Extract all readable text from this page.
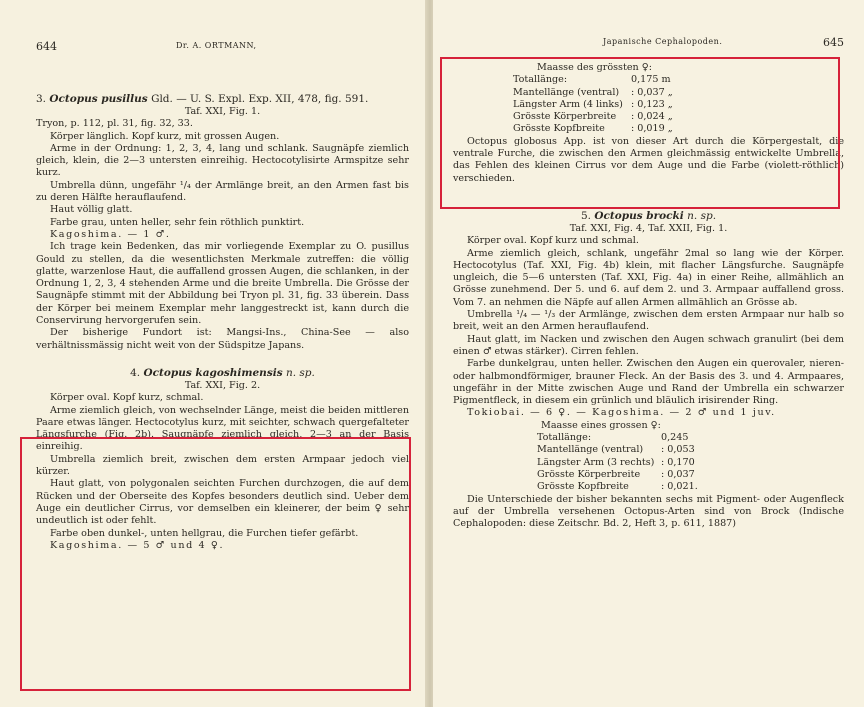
644	Dr. A. ORTMANN,

3. Octopus pusillus Gld. — U. S. Expl. Exp. XII, 478, fig. 591.

Taf. XXI, Fig. 1.

Tryon, p. 112, pl. 31, fig. 32, 33.

Körper länglich. Kopf kurz, mit grossen Augen.

Arme in der Ordnung: 1, 2, 3, 4, lang und schlank. Saugnäpfe ziemlich gleich, klein, die 2—3 untersten einreihig. Hectocotylisirte Armspitze sehr kurz.

Umbrella dünn, ungefähr ¹/₄ der Armlänge breit, an den Armen fast bis zu deren Hälfte herauflaufend.

Haut völlig glatt.

Farbe grau, unten heller, sehr fein röthlich punktirt.

Kagoshima. — 1 ♂.

Ich trage kein Bedenken, das mir vorliegende Exemplar zu O. pusillus Gould zu stellen, da die wesentlichsten Merkmale zutreffen: die völlig glatte, warzenlose Haut, die auffallend grossen Augen, die schlanken, in der Ordnung 1, 2, 3, 4 stehenden Arme und die breite Umbrella. Die Grösse der Saugnäpfe stimmt mit der Abbildung bei Tryon pl. 31, fig. 33 überein. Dass der Körper bei meinem Exemplar mehr langgestreckt ist, kann durch die Conservirung hervorgerufen sein.

Der bisherige Fundort ist: Mangsi-Ins., China-See — also verhältnissmässig nicht weit von der Südspitze Japans.

4. Octopus kagoshimensis n. sp.

Taf. XXI, Fig. 2.

Körper oval. Kopf kurz, schmal.

Arme ziemlich gleich, von wechselnder Länge, meist die beiden mittleren Paare etwas länger. Hectocotylus kurz, mit seichter, schwach quergefalteter Längsfurche (Fig. 2b). Saugnäpfe ziemlich gleich, 2—3 an der Basis einreihig.

Umbrella ziemlich breit, zwischen dem ersten Armpaar jedoch viel kürzer.

Haut glatt, von polygonalen seichten Furchen durchzogen, die auf dem Rücken und der Oberseite des Kopfes besonders deutlich sind. Ueber dem Auge ein deutlicher Cirrus, vor demselben ein kleinerer, der beim ♀ sehr undeutlich ist oder fehlt.

Farbe oben dunkel-, unten hellgrau, die Furchen tiefer gefärbt.

Kagoshima. — 5 ♂ und 4 ♀.

Japanische Cephalopoden.	645

Maasse des grössten ♀:

Totallänge:	0,175 m
Mantellänge (ventral)	: 0,037 „
Längster Arm (4 links) : 0,123 „
Grösste Körperbreite	: 0,024 „
Grösste Kopfbreite	: 0,019 „

Octopus globosus App. ist von dieser Art durch die Körpergestalt, die ventrale Furche, die zwischen den Armen gleichmässig entwickelte Umbrella, das Fehlen des kleinen Cirrus vor dem Auge und die Farbe (violett-röthlich) verschieden.

5. Octopus brocki n. sp.

Taf. XXI, Fig. 4, Taf. XXII, Fig. 1.

Körper oval. Kopf kurz und schmal.

Arme ziemlich gleich, schlank, ungefähr 2mal so lang wie der Körper. Hectocotylus (Taf. XXI, Fig. 4b) klein, mit flacher Längsfurche. Saugnäpfe ungleich, die 5—6 untersten (Taf. XXI, Fig. 4a) in einer Reihe, allmählich an Grösse zunehmend. Der 5. und 6. auf dem 2. und 3. Armpaar auffallend gross. Vom 7. an nehmen die Näpfe auf allen Armen allmählich an Grösse ab.

Umbrella ¹/₄ — ¹/₃ der Armlänge, zwischen dem ersten Armpaar nur halb so breit, weit an den Armen herauflaufend.

Haut glatt, im Nacken und zwischen den Augen schwach granulirt (bei dem einen ♂ etwas stärker). Cirren fehlen.

Farbe dunkelgrau, unten heller. Zwischen den Augen ein querovaler, nieren- oder halbmondförmiger, brauner Fleck. An der Basis des 3. und 4. Armpaares, ungefähr in der Mitte zwischen Auge und Rand der Umbrella ein schwarzer Pigmentfleck, in diesem ein grünlich und bläulich irisirender Ring.

Tokiobai. — 6 ♀. — Kagoshima. — 2 ♂ und 1 juv.

Maasse eines grossen ♀:

Totallänge:	0,245
Mantellänge (ventral)	: 0,053
Längster Arm (3 rechts) : 0,170
Grösste Körperbreite	: 0,037
Grösste Kopfbreite	: 0,021.

Die Unterschiede der bisher bekannten sechs mit Pigment- oder Augenfleck auf der Umbrella versehenen Octopus-Arten sind von Brock (Indische Cephalopoden: diese Zeitschr. Bd. 2, Heft 3, p. 611, 1887)
